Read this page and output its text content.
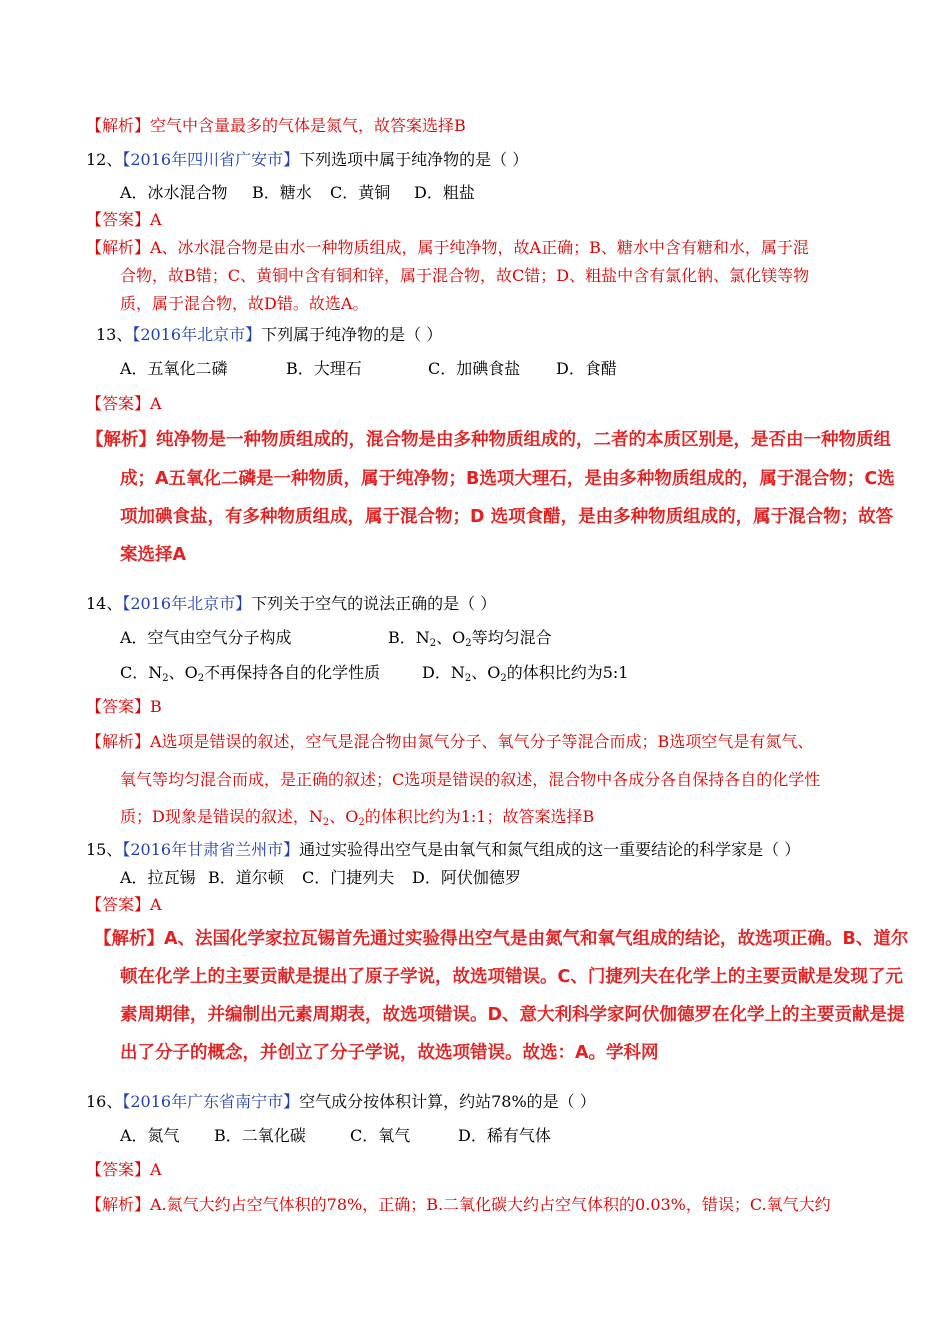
【解析】空气中含量最多的气体是氮气，故答案选择B
12、【2016年四川省广安市】下列选项中属于纯净物的是（ ）
A．冰水混合物 B．糖水 C．黄铜 D．粗盐
【答案】A
【解析】A、冰水混合物是由水一种物质组成，属于纯净物，故A正确；B、糖水中含有糖和水，属于混
合物，故B错；C、黄铜中含有铜和锌，属于混合物，故C错；D、粗盐中含有氯化钠、氯化镁等物
质，属于混合物，故D错。故选A。
13、【2016年北京市】下列属于纯净物的是（ ）
A．五氧化二磷	B．大理石	C．加碘食盐 D．食醋
【答案】A
【解析】纯净物是一种物质组成的，混合物是由多种物质组成的，二者的本质区别是，是否由一种物质组
成；A五氧化二磷是一种物质，属于纯净物；B选项大理石，是由多种物质组成的，属于混合物；C选
项加碘食盐，有多种物质组成，属于混合物；D 选项食醋，是由多种物质组成的，属于混合物；故答
案选择A
14、【2016年北京市】下列关于空气的说法正确的是（ ）
A．空气由空气分子构成	B．$N_2$、$O_2$等均匀混合
C．$N_2$、$O_2$不再保持各自的化学性质	D．$N_2$、$O_2$的体积比约为5:1
【答案】B
【解析】A选项是错误的叙述，空气是混合物由氮气分子、氧气分子等混合而成；B选项空气是有氮气、
氧气等均匀混合而成，是正确的叙述；C选项是错误的叙述，混合物中各成分各自保持各自的化学性
质；D现象是错误的叙述，$N_2$、$O_2$的体积比约为1:1；故答案选择B
15、【2016年甘肃省兰州市】通过实验得出空气是由氧气和氮气组成的这一重要结论的科学家是（ ）
A．拉瓦锡 B．道尔顿 C．门捷列夫 D．阿伏伽德罗
【答案】A
【解析】A、法国化学家拉瓦锡首先通过实验得出空气是由氮气和氧气组成的结论，故选项正确。B、道尔
顿在化学上的主要贡献是提出了原子学说，故选项错误。C、门捷列夫在化学上的主要贡献是发现了元
素周期律，并编制出元素周期表，故选项错误。D、意大利科学家阿伏伽德罗在化学上的主要贡献是提
出了分子的概念，并创立了分子学说，故选项错误。故选：A。学科网
16、【2016年广东省南宁市】空气成分按体积计算，约站78%的是（ ）
A．氮气 B．二氧化碳	C．氧气	D．稀有气体
【答案】A
【解析】A.氮气大约占空气体积的78%，正确；B.二氧化碳大约占空气体积的0.03%，错误；C.氧气大约
